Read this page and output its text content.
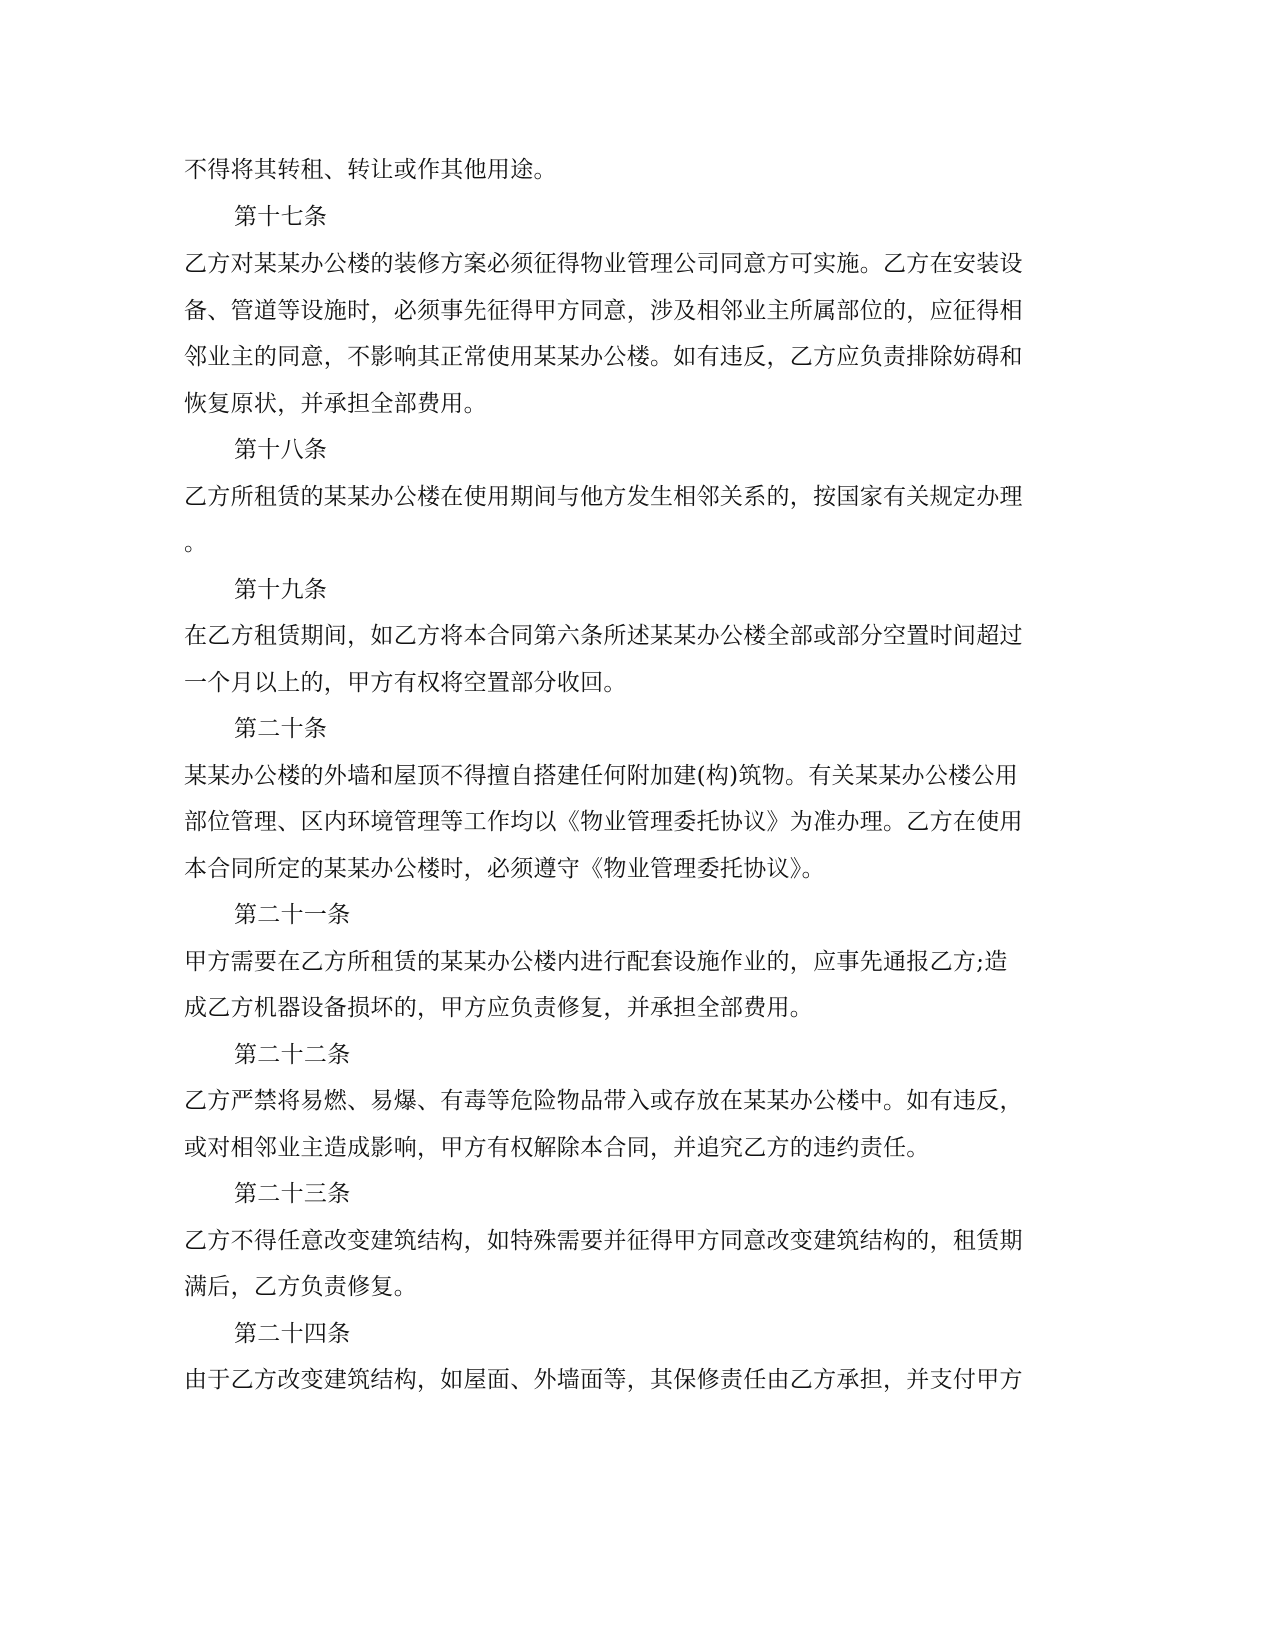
不得将其转租、转让或作其他用途。
第十七条
乙方对某某办公楼的装修方案必须征得物业管理公司同意方可实施。乙方在安装设
备、管道等设施时，必须事先征得甲方同意，涉及相邻业主所属部位的，应征得相
邻业主的同意，不影响其正常使用某某办公楼。如有违反，乙方应负责排除妨碍和
恢复原状，并承担全部费用。
第十八条
乙方所租赁的某某办公楼在使用期间与他方发生相邻关系的，按国家有关规定办理
。
第十九条
在乙方租赁期间，如乙方将本合同第六条所述某某办公楼全部或部分空置时间超过
一个月以上的，甲方有权将空置部分收回。
第二十条
某某办公楼的外墙和屋顶不得擅自搭建任何附加建(构)筑物。有关某某办公楼公用
部位管理、区内环境管理等工作均以《物业管理委托协议》为准办理。乙方在使用
本合同所定的某某办公楼时，必须遵守《物业管理委托协议》。
第二十一条
甲方需要在乙方所租赁的某某办公楼内进行配套设施作业的，应事先通报乙方;造
成乙方机器设备损坏的，甲方应负责修复，并承担全部费用。
第二十二条
乙方严禁将易燃、易爆、有毒等危险物品带入或存放在某某办公楼中。如有违反，
或对相邻业主造成影响，甲方有权解除本合同，并追究乙方的违约责任。
第二十三条
乙方不得任意改变建筑结构，如特殊需要并征得甲方同意改变建筑结构的，租赁期
满后，乙方负责修复。
第二十四条
由于乙方改变建筑结构，如屋面、外墙面等，其保修责任由乙方承担，并支付甲方
